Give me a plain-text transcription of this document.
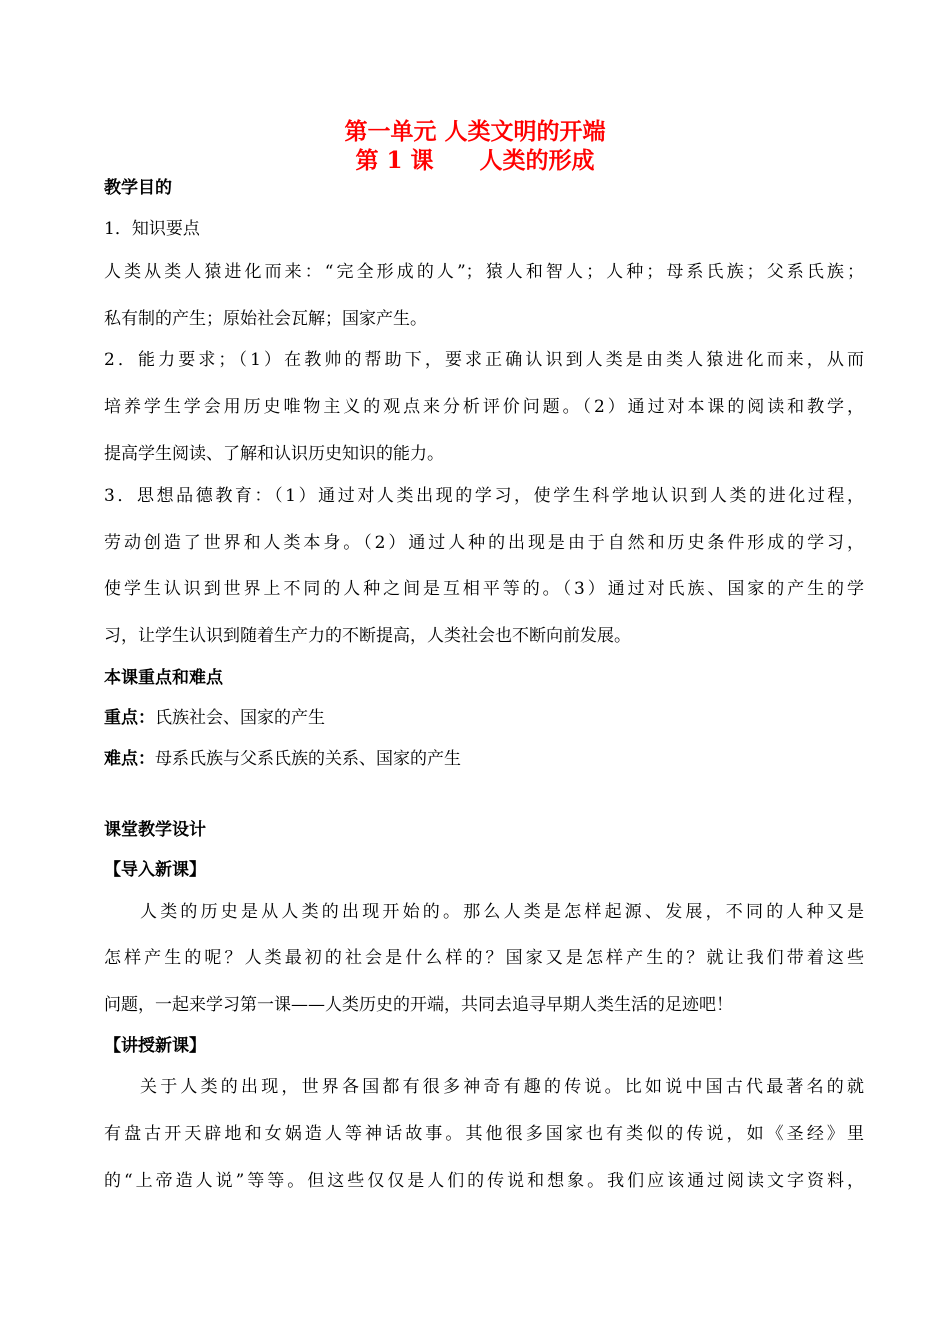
第一单元 人类文明的开端
第 1 课　　人类的形成
教学目的
1．知识要点
人类从类人猿进化而来：“完全形成的人”；猿人和智人；人种；母系氏族；父系氏族；
私有制的产生；原始社会瓦解；国家产生。
2．能力要求；（1）在教帅的帮助下，要求正确认识到人类是由类人猿进化而来，从而
培养学生学会用历史唯物主义的观点来分析评价问题。（2）通过对本课的阅读和教学，
提高学生阅读、了解和认识历史知识的能力。
3．思想品德教育：（1）通过对人类出现的学习，使学生科学地认识到人类的进化过程，
劳动创造了世界和人类本身。（2）通过人种的出现是由于自然和历史条件形成的学习，
使学生认识到世界上不同的人种之间是互相平等的。（3）通过对氏族、国家的产生的学
习，让学生认识到随着生产力的不断提高，人类社会也不断向前发展。
本课重点和难点
重点：氏族社会、国家的产生
难点：母系氏族与父系氏族的关系、国家的产生
课堂教学设计
【导入新课】
人类的历史是从人类的出现开始的。那么人类是怎样起源、发展，不同的人种又是
怎样产生的呢？人类最初的社会是什么样的？国家又是怎样产生的？就让我们带着这些
问题，一起来学习第一课——人类历史的开端，共同去追寻早期人类生活的足迹吧！
【讲授新课】
关于人类的出现，世界各国都有很多神奇有趣的传说。比如说中国古代最著名的就
有盘古开天辟地和女娲造人等神话故事。其他很多国家也有类似的传说，如《圣经》里
的“上帝造人说”等等。但这些仅仅是人们的传说和想象。我们应该通过阅读文字资料，
